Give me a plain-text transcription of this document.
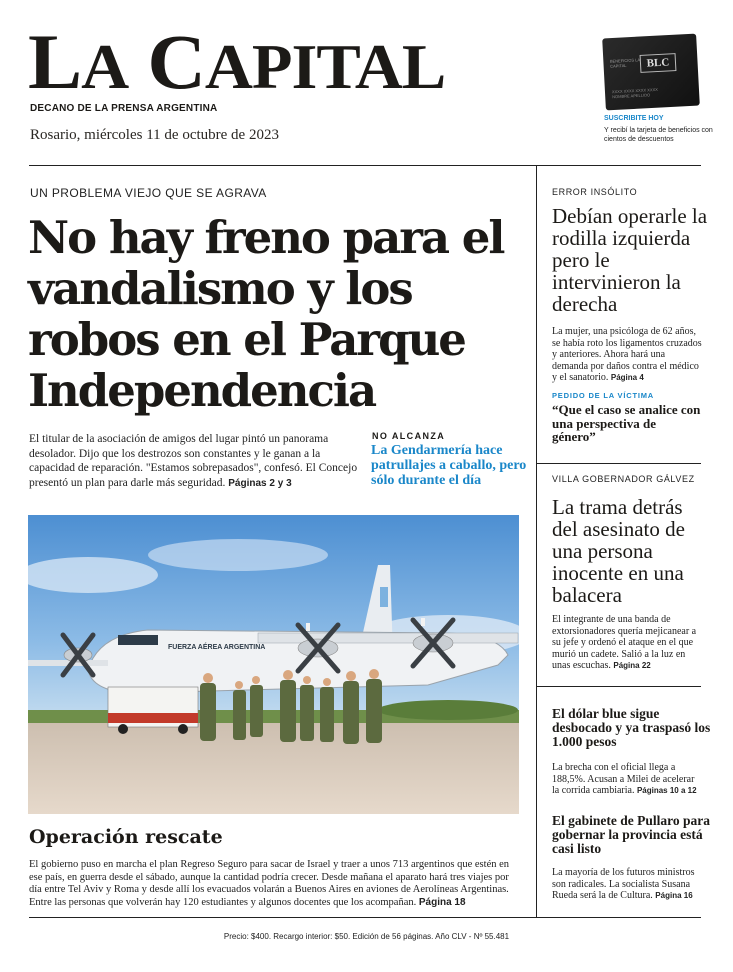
LA CAPITAL
DECANO DE LA PRENSA ARGENTINA
Rosario, miércoles 11 de octubre de 2023
BLC
BENEFICIOS LA CAPITAL
XXXX XXXX XXXX XXXX NOMBRE APELLIDO
SUSCRIBITE HOY
Y recibí la tarjeta de beneficios con cientos de descuentos
UN PROBLEMA VIEJO QUE SE AGRAVA
No hay freno para el vandalismo y los robos en el Parque Independencia
El titular de la asociación de amigos del lugar pintó un panorama desolador. Dijo que los destrozos son constantes y le ganan a la capacidad de reparación. "Estamos sobrepasados", confesó. El Concejo presentó un plan para darle más seguridad. Páginas 2 y 3
NO ALCANZA
La Gendarmería hace patrullajes a caballo, pero sólo durante el día
FUERZA AÉREA ARGENTINA
Operación rescate
El gobierno puso en marcha el plan Regreso Seguro para sacar de Israel y traer a unos 713 argentinos que estén en ese país, en guerra desde el sábado, aunque la cantidad podría crecer. Desde mañana el aparato hará tres viajes por día entre Tel Aviv y Roma y desde allí los evacuados volarán a Buenos Aires en aviones de Aerolíneas Argentinas. Entre las personas que volverán hay 120 estudiantes y algunos docentes que los acompañan. Página 18
ERROR INSÓLITO
Debían operarle la rodilla izquierda pero le intervinieron la derecha
La mujer, una psicóloga de 62 años, se había roto los ligamentos cruzados y anteriores. Ahora hará una demanda por daños contra el médico y el sanatorio. Página 4
PEDIDO DE LA VÍCTIMA
“Que el caso se analice con una perspectiva de género”
VILLA GOBERNADOR GÁLVEZ
La trama detrás del asesinato de una persona inocente en una balacera
El integrante de una banda de extorsionadores quería mejicanear a su jefe y ordenó el ataque en el que murió un cadete. Salió a la luz en unas escuchas. Página 22
El dólar blue sigue desbocado y ya traspasó los 1.000 pesos
La brecha con el oficial llega a 188,5%. Acusan a Milei de acelerar la corrida cambiaria. Páginas 10 a 12
El gabinete de Pullaro para gobernar la provincia está casi listo
La mayoría de los futuros ministros son radicales. La socialista Susana Rueda será la de Cultura. Página 16
Precio: $400. Recargo interior: $50. Edición de 56 páginas. Año CLV - Nº 55.481
